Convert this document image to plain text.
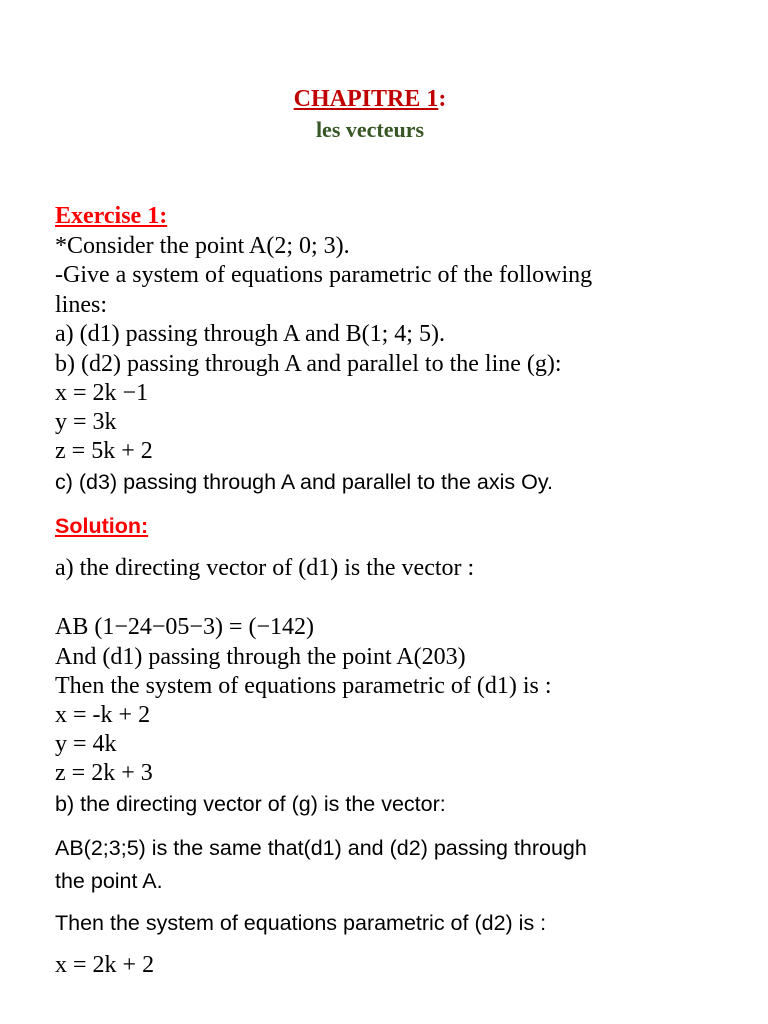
CHAPITRE 1:
les vecteurs
Exercise 1:
*Consider the point A(2; 0; 3).
-Give a system of equations parametric of the following
lines:
a) (d1) passing through A and B(1; 4; 5).
b) (d2) passing through A and parallel to the line (g):
x = 2k −1
y = 3k
z = 5k + 2
c) (d3) passing through A and parallel to the axis Oy.
Solution:
a) the directing vector of (d1) is the vector :
AB (1−24−05−3) = (−142)
And (d1) passing through the point A(203)
Then the system of equations parametric of (d1) is :
x = -k + 2
y = 4k
z = 2k + 3
b) the directing vector of (g) is the vector:
AB(2;3;5) is the same that(d1) and (d2) passing through
the point A.
Then the system of equations parametric of (d2) is :
x = 2k + 2
